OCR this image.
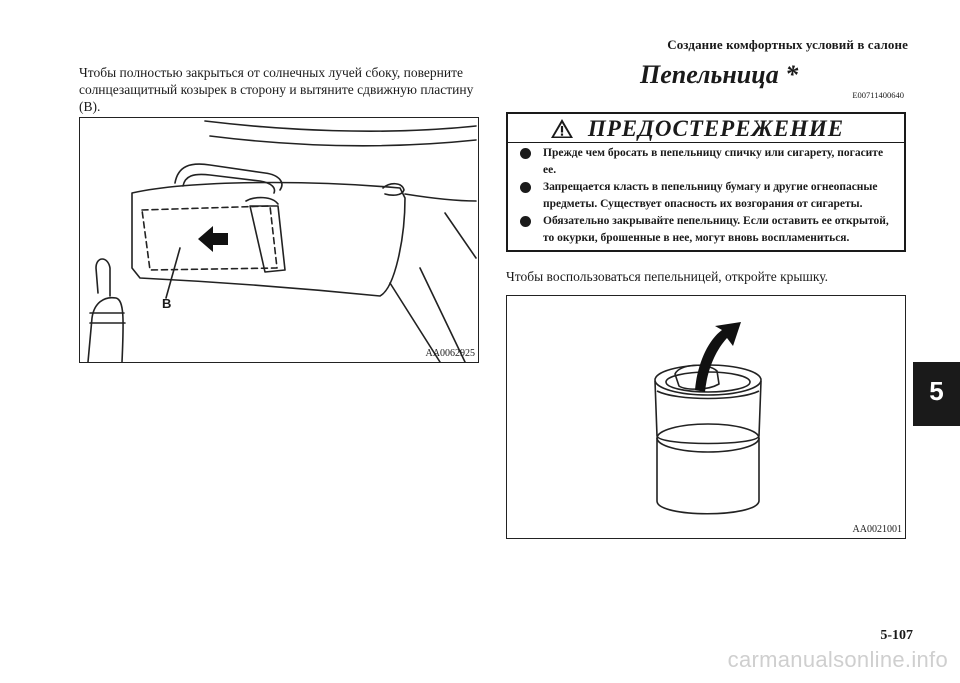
Создание комфортных условий в салоне
Чтобы полностью закрыться от солнечных лучей сбоку, поверните солнцезащитный козырек в сторону и вытяните сдвижную пластину (B).
B
AA0062925
Пепельница *
E00711400640
ПРЕДОСТЕРЕЖЕНИЕ
Прежде чем бросать в пепельницу спичку или сигарету, погасите ее.
Запрещается класть в пепельницу бумагу и другие огнеопасные предметы. Существует опасность их возгорания от сигареты.
Обязательно закрывайте пепельницу. Если оставить ее открытой, то окурки, брошенные в нее, могут вновь воспламениться.
Чтобы воспользоваться пепельницей, откройте крышку.
AA0021001
5
5-107
carmanualsonline.info
